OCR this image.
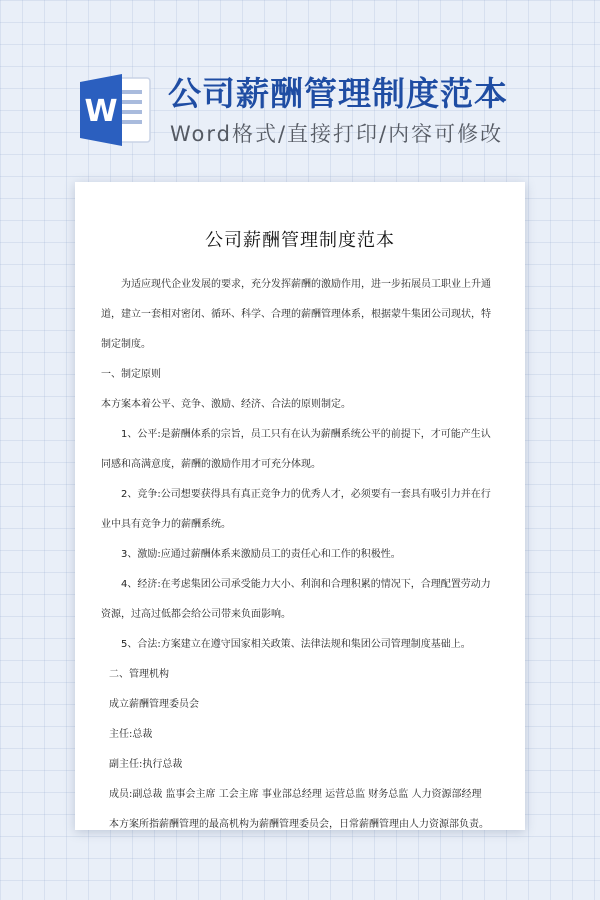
W 公司薪酬管理制度范本
Word格式/直接打印/内容可修改
公司薪酬管理制度范本

为适应现代企业发展的要求，充分发挥薪酬的激励作用，进一步拓展员工职业上升通道，建立一套相对密闭、循环、科学、合理的薪酬管理体系，根据蒙牛集团公司现状，特制定制度。

一、制定原则

本方案本着公平、竞争、激励、经济、合法的原则制定。

1、公平:是薪酬体系的宗旨，员工只有在认为薪酬系统公平的前提下，才可能产生认同感和高满意度，薪酬的激励作用才可充分体现。

2、竞争:公司想要获得具有真正竞争力的优秀人才，必须要有一套具有吸引力并在行业中具有竞争力的薪酬系统。

3、激励:应通过薪酬体系来激励员工的责任心和工作的积极性。

4、经济:在考虑集团公司承受能力大小、利润和合理积累的情况下，合理配置劳动力资源，过高过低都会给公司带来负面影响。

5、合法:方案建立在遵守国家相关政策、法律法规和集团公司管理制度基础上。

二、管理机构

成立薪酬管理委员会

主任:总裁

副主任:执行总裁

成员:副总裁 监事会主席 工会主席 事业部总经理 运营总监 财务总监 人力资源部经理

本方案所指薪酬管理的最高机构为薪酬管理委员会，日常薪酬管理由人力资源部负责。
